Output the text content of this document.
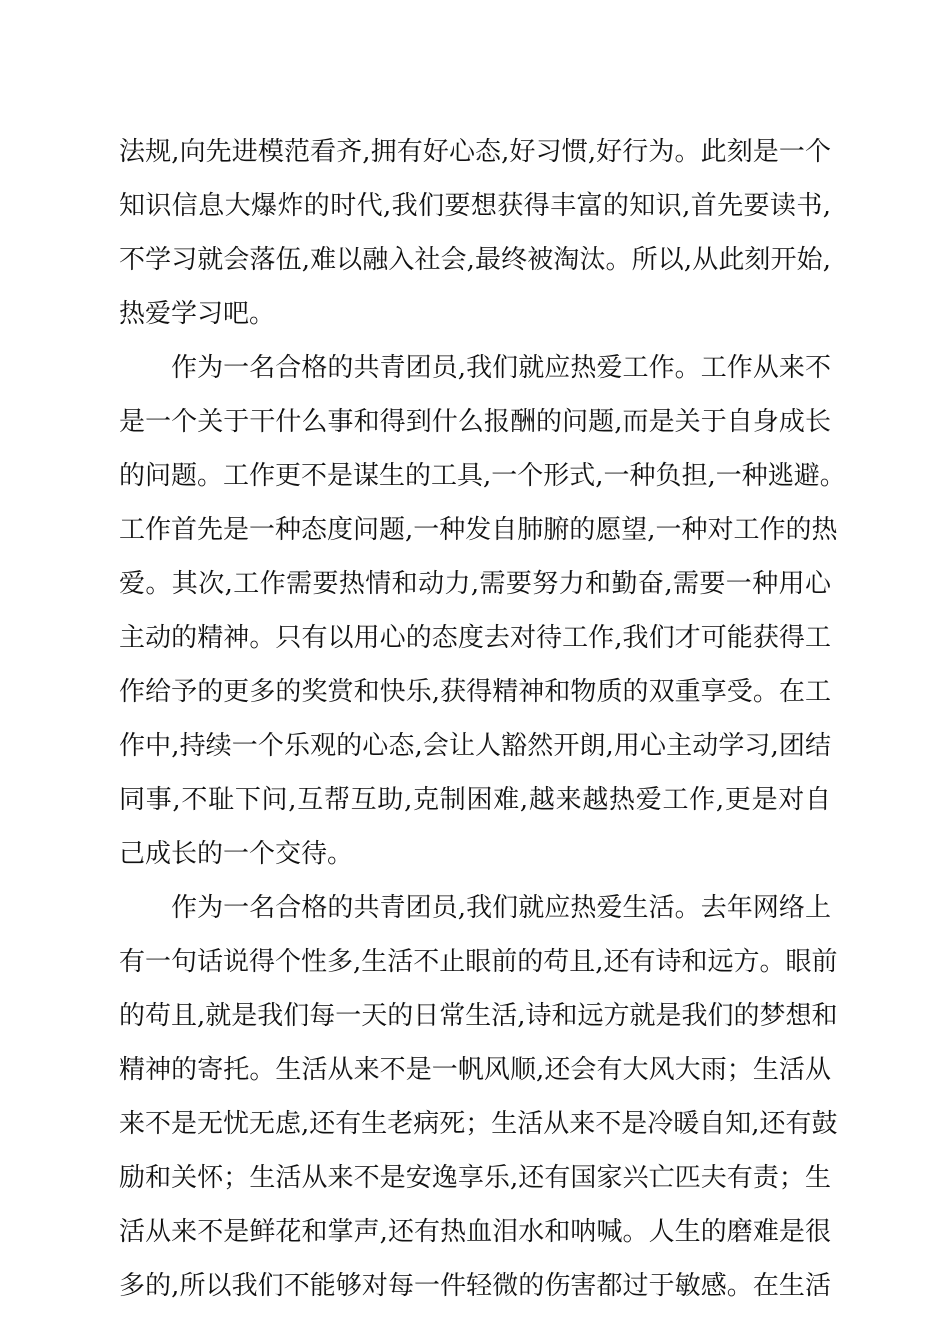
法规,向先进模范看齐,拥有好心态,好习惯,好行为。此刻是一个
知识信息大爆炸的时代,我们要想获得丰富的知识,首先要读书,
不学习就会落伍,难以融入社会,最终被淘汰。所以,从此刻开始,
热爱学习吧。
作为一名合格的共青团员,我们就应热爱工作。工作从来不
是一个关于干什么事和得到什么报酬的问题,而是关于自身成长
的问题。工作更不是谋生的工具,一个形式,一种负担,一种逃避。
工作首先是一种态度问题,一种发自肺腑的愿望,一种对工作的热
爱。其次,工作需要热情和动力,需要努力和勤奋,需要一种用心
主动的精神。只有以用心的态度去对待工作,我们才可能获得工
作给予的更多的奖赏和快乐,获得精神和物质的双重享受。在工
作中,持续一个乐观的心态,会让人豁然开朗,用心主动学习,团结
同事,不耻下问,互帮互助,克制困难,越来越热爱工作,更是对自
己成长的一个交待。
作为一名合格的共青团员,我们就应热爱生活。去年网络上
有一句话说得个性多,生活不止眼前的苟且,还有诗和远方。眼前
的苟且,就是我们每一天的日常生活,诗和远方就是我们的梦想和
精神的寄托。生活从来不是一帆风顺,还会有大风大雨；生活从
来不是无忧无虑,还有生老病死；生活从来不是冷暖自知,还有鼓
励和关怀；生活从来不是安逸享乐,还有国家兴亡匹夫有责；生
活从来不是鲜花和掌声,还有热血泪水和呐喊。人生的磨难是很
多的,所以我们不能够对每一件轻微的伤害都过于敏感。在生活
